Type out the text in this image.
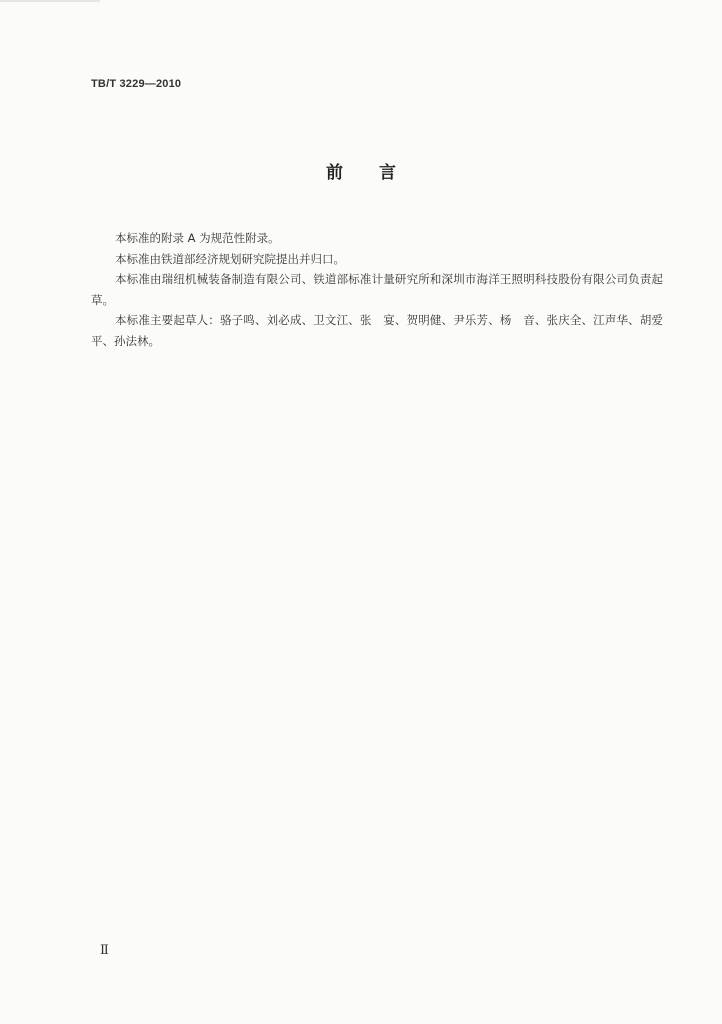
TB/T 3229—2010
前言

本标准的附录 A 为规范性附录。

本标准由铁道部经济规划研究院提出并归口。

本标准由瑞纽机械装备制造有限公司、铁道部标准计量研究所和深圳市海洋王照明科技股份有限公司负责起草。

本标准主要起草人：骆子鸣、刘必成、卫文江、张　宴、贺明健、尹乐芳、杨　音、张庆全、江声华、胡爱平、孙法林。

Ⅱ
